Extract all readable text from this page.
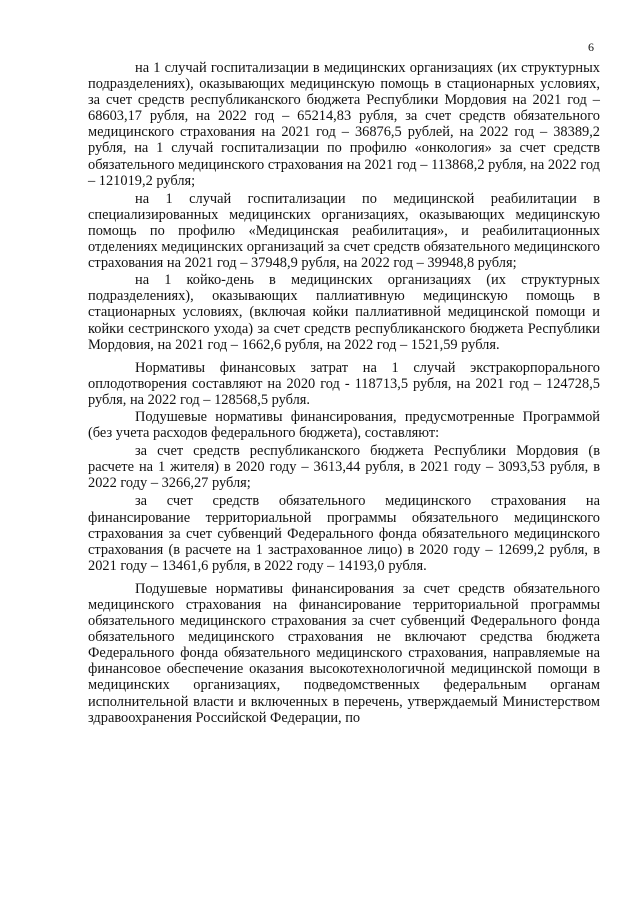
6

на 1 случай госпитализации в медицинских организациях (их структурных подразделениях), оказывающих медицинскую помощь в стационарных условиях, за счет средств республиканского бюджета Республики Мордовия на 2021 год – 68603,17 рубля, на 2022 год – 65214,83 рубля, за счет средств обязательного медицинского страхования на 2021 год – 36876,5 рублей, на 2022 год – 38389,2 рубля, на 1 случай госпитализации по профилю «онкология» за счет средств обязательного медицинского страхования на 2021 год – 113868,2 рубля, на 2022 год – 121019,2 рубля;

на 1 случай госпитализации по медицинской реабилитации в специализированных медицинских организациях, оказывающих медицинскую помощь по профилю «Медицинская реабилитация», и реабилитационных отделениях медицинских организаций за счет средств обязательного медицинского страхования на 2021 год – 37948,9 рубля, на 2022 год – 39948,8 рубля;

на 1 койко-день в медицинских организациях (их структурных подразделениях), оказывающих паллиативную медицинскую помощь в стационарных условиях, (включая койки паллиативной медицинской помощи и койки сестринского ухода) за счет средств республиканского бюджета Республики Мордовия, на 2021 год – 1662,6 рубля, на 2022 год – 1521,59 рубля.

Нормативы финансовых затрат на 1 случай экстракорпорального оплодотворения составляют на 2020 год - 118713,5 рубля, на 2021 год – 124728,5 рубля, на 2022 год – 128568,5 рубля.

Подушевые нормативы финансирования, предусмотренные Программой (без учета расходов федерального бюджета), составляют:

за счет средств республиканского бюджета Республики Мордовия (в расчете на 1 жителя) в 2020 году – 3613,44 рубля, в 2021 году – 3093,53 рубля, в 2022 году – 3266,27 рубля;

за счет средств обязательного медицинского страхования на финансирование территориальной программы обязательного медицинского страхования за счет субвенций Федерального фонда обязательного медицинского страхования (в расчете на 1 застрахованное лицо) в 2020 году – 12699,2 рубля, в 2021 году – 13461,6 рубля, в 2022 году – 14193,0 рубля.

Подушевые нормативы финансирования за счет средств обязательного медицинского страхования на финансирование территориальной программы обязательного медицинского страхования за счет субвенций Федерального фонда обязательного медицинского страхования не включают средства бюджета Федерального фонда обязательного медицинского страхования, направляемые на финансовое обеспечение оказания высокотехнологичной медицинской помощи в медицинских организациях, подведомственных федеральным органам исполнительной власти и включенных в перечень, утверждаемый Министерством здравоохранения Российской Федерации, по
